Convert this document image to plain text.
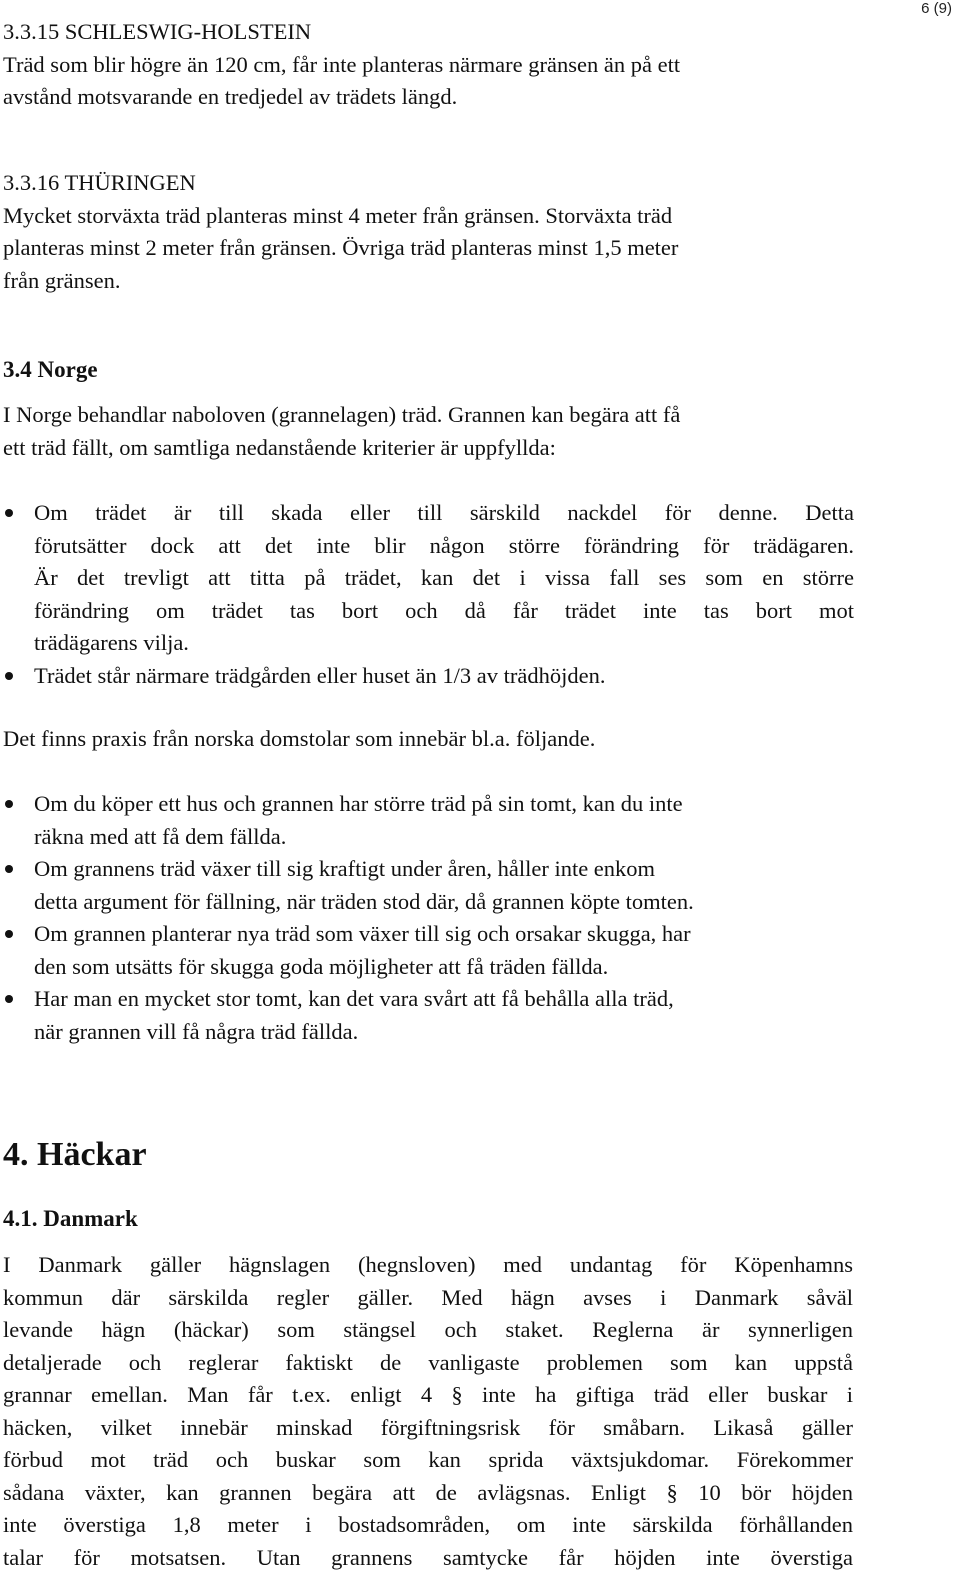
6 (9)
3.3.15 SCHLESWIG-HOLSTEIN
Träd som blir högre än 120 cm, får inte planteras närmare gränsen än på ett
avstånd motsvarande en tredjedel av trädets längd.
3.3.16 THÜRINGEN
Mycket storväxta träd planteras minst 4 meter från gränsen. Storväxta träd
planteras minst 2 meter från gränsen. Övriga träd planteras minst 1,5 meter
från gränsen.
3.4 Norge
I Norge behandlar naboloven (grannelagen) träd. Grannen kan begära att få
ett träd fällt, om samtliga nedanstående kriterier är uppfyllda:
Om trädet är till skada eller till särskild nackdel för denne. Detta
förutsätter dock att det inte blir någon större förändring för trädägaren.
Är det trevligt att titta på trädet, kan det i vissa fall ses som en större
förändring om trädet tas bort och då får trädet inte tas bort mot
trädägarens vilja.
Trädet står närmare trädgården eller huset än 1/3 av trädhöjden.
Det finns praxis från norska domstolar som innebär bl.a. följande.
Om du köper ett hus och grannen har större träd på sin tomt, kan du inte
räkna med att få dem fällda.
Om grannens träd växer till sig kraftigt under åren, håller inte enkom
detta argument för fällning, när träden stod där, då grannen köpte tomten.
Om grannen planterar nya träd som växer till sig och orsakar skugga, har
den som utsätts för skugga goda möjligheter att få träden fällda.
Har man en mycket stor tomt, kan det vara svårt att få behålla alla träd,
när grannen vill få några träd fällda.
4. Häckar
4.1. Danmark
I Danmark gäller hägnslagen (hegnsloven) med undantag för Köpenhamns
kommun där särskilda regler gäller. Med hägn avses i Danmark såväl
levande hägn (häckar) som stängsel och staket. Reglerna är synnerligen
detaljerade och reglerar faktiskt de vanligaste problemen som kan uppstå
grannar emellan. Man får t.ex. enligt 4 § inte ha giftiga träd eller buskar i
häcken, vilket innebär minskad förgiftningsrisk för småbarn. Likaså gäller
förbud mot träd och buskar som kan sprida växtsjukdomar. Förekommer
sådana växter, kan grannen begära att de avlägsnas. Enligt § 10 bör höjden
inte överstiga 1,8 meter i bostadsområden, om inte särskilda förhållanden
talar för motsatsen. Utan grannens samtycke får höjden inte överstiga
